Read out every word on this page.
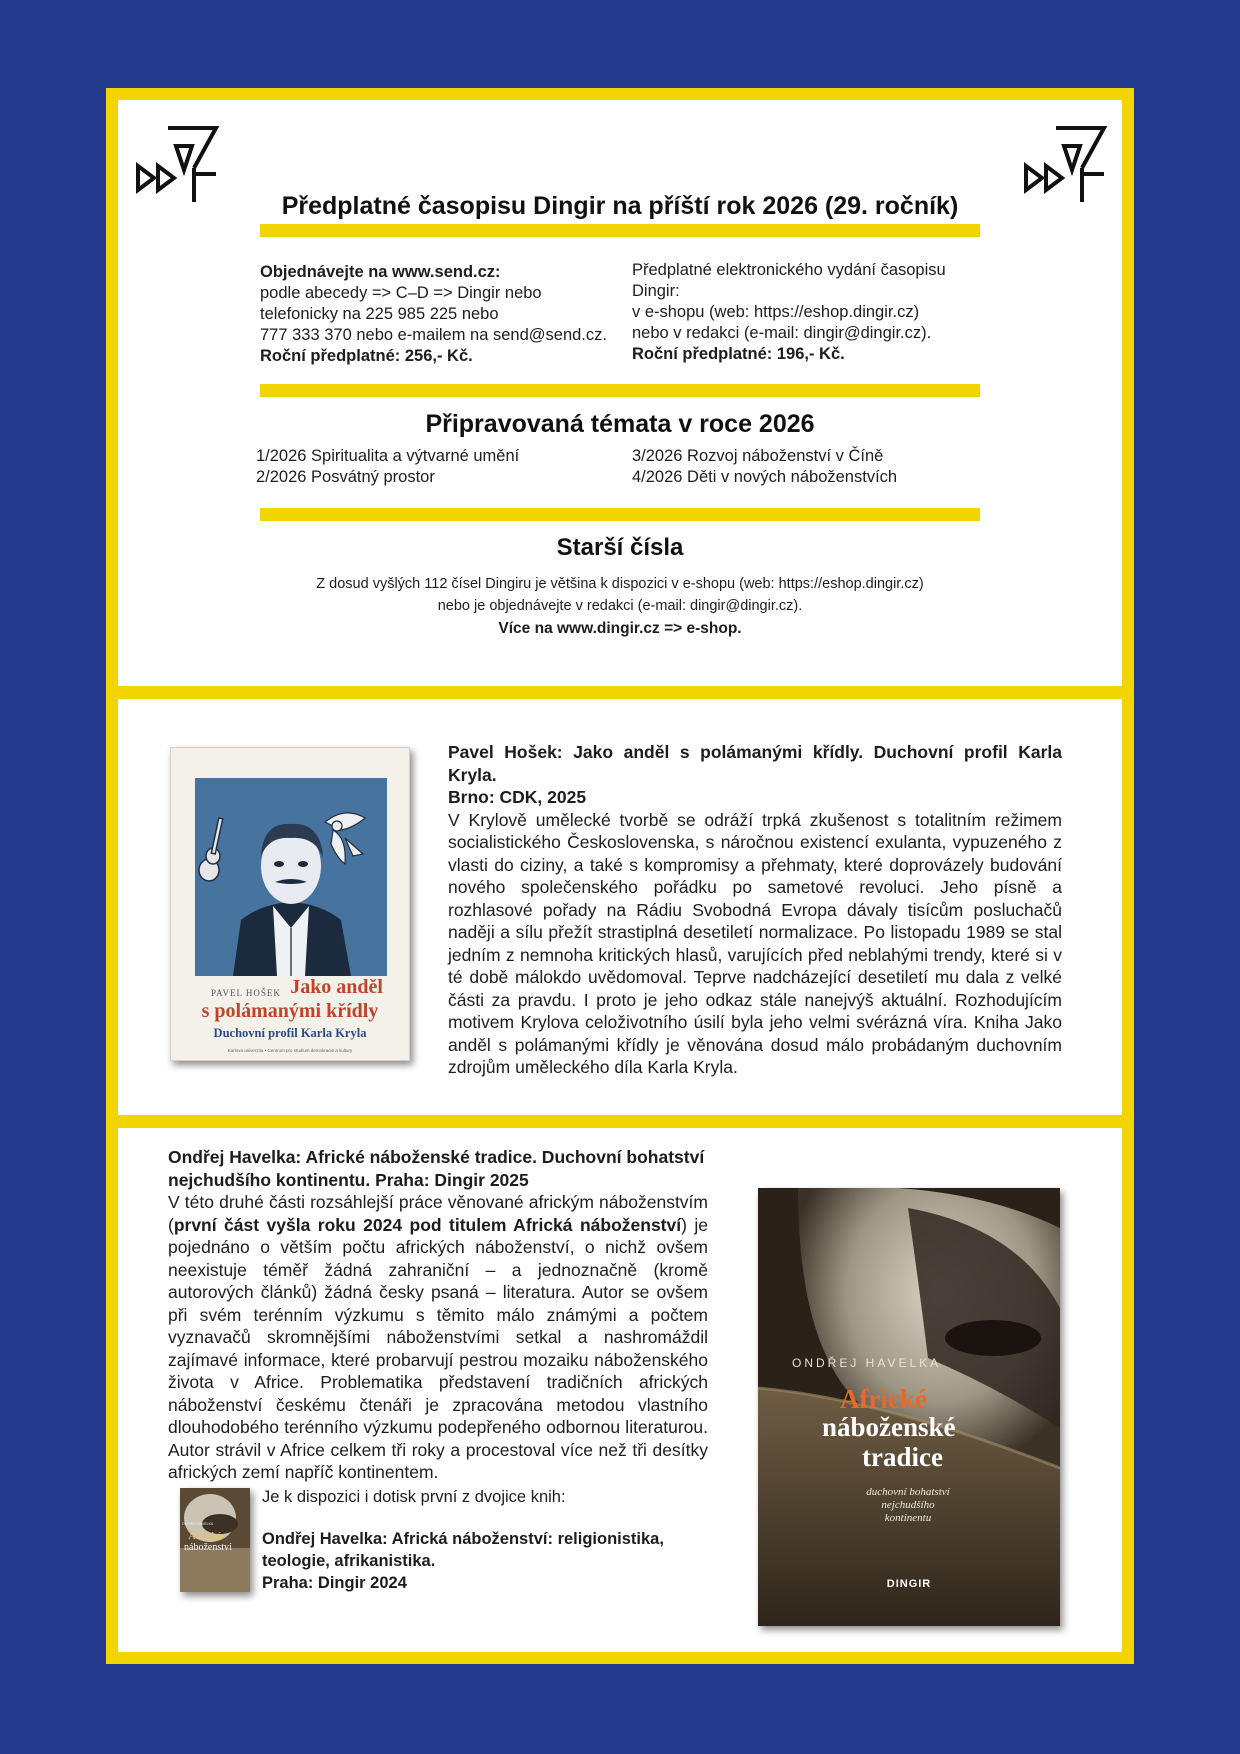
Předplatné časopisu Dingir na příští rok 2026 (29. ročník)
Objednávejte na www.send.cz:
podle abecedy => C–D => Dingir nebo
telefonicky na 225 985 225 nebo
777 333 370 nebo e-mailem na send@send.cz.
Roční předplatné: 256,- Kč.
Předplatné elektronického vydání časopisu
Dingir:
v e-shopu (web: https://eshop.dingir.cz)
nebo v redakci (e-mail: dingir@dingir.cz).
Roční předplatné: 196,- Kč.
Připravovaná témata v roce 2026
1/2026 Spiritualita a výtvarné umění
2/2026 Posvátný prostor
3/2026 Rozvoj náboženství v Číně
4/2026 Děti v nových náboženstvích
Starší čísla
Z dosud vyšlých 112 čísel Dingiru je většina k dispozici v e-shopu (web: https://eshop.dingir.cz)
nebo je objednávejte v redakci (e-mail: dingir@dingir.cz).
Více na www.dingir.cz => e-shop.
PAVEL HOŠEK Jako anděl
s polámanými křídly
Duchovní profil Karla Kryla
Karlova univerzita • Centrum pro studium demokracie a kultury
Pavel Hošek: Jako anděl s polámanými křídly. Duchovní profil Karla Kryla.
Brno: CDK, 2025

V Krylově umělecké tvorbě se odráží trpká zkušenost s totalitním režimem socialistického Československa, s náročnou existencí exulanta, vypuzeného z vlasti do ciziny, a také s kompromisy a přehmaty, které doprovázely budování nového společenského pořádku po sametové revoluci. Jeho písně a rozhlasové pořady na Rádiu Svobodná Evropa dávaly tisícům posluchačů naději a sílu přežít strastiplná desetiletí normalizace. Po listopadu 1989 se stal jedním z nemnoha kritických hlasů, varujících před neblahými trendy, které si v té době málokdo uvědomoval. Teprve nadcházející desetiletí mu dala z velké části za pravdu. I proto je jeho odkaz stále nanejvýš aktuální. Rozhodujícím motivem Krylova celoživotního úsilí byla jeho velmi svérázná víra. Kniha Jako anděl s polámanými křídly je věnována dosud málo probádaným duchovním zdrojům uměleckého díla Karla Kryla.

Ondřej Havelka: Africké náboženské tradice. Duchovní bohatství
nejchudšího kontinentu. Praha: Dingir 2025

V této druhé části rozsáhlejší práce věnované africkým náboženstvím (první část vyšla roku 2024 pod titulem Africká náboženství) je pojednáno o větším počtu afrických náboženství, o nichž ovšem neexistuje téměř žádná zahraniční – a jednoznačně (kromě autorových článků) žádná česky psaná – literatura. Autor se ovšem při svém terénním výzkumu s těmito málo známými a počtem vyznavačů skromnějšími náboženstvími setkal a nashromáždil zajímavé informace, které probarvují pestrou mozaiku náboženského života v Africe. Problematika představení tradičních afrických náboženství českému čtenáři je zpracována metodou vlastního dlouhodobého terénního výzkumu podepřeného odbornou literaturou. Autor strávil v Africe celkem tři roky a procestoval více než tři desítky afrických zemí napříč kontinentem.

ONDŘEJ HAVELKA
Africká
náboženství
Je k dispozici i dotisk první z dvojice knih:
Ondřej Havelka: Africká náboženství: religionistika,
teologie, afrikanistika.
Praha: Dingir 2024
ONDŘEJ HAVELKA
Africké
náboženské
tradice
duchovní bohatství
nejchudšího
kontinentu
DINGIR
